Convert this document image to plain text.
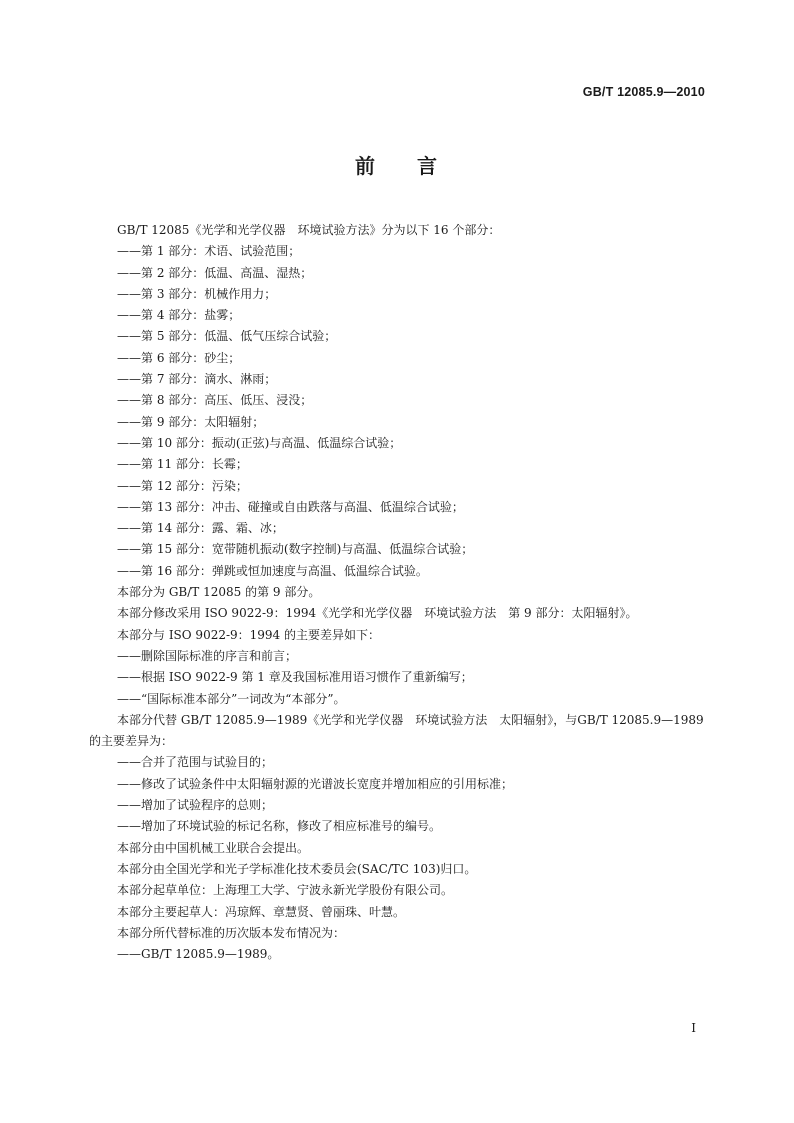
GB/T 12085.9—2010
前 言
GB/T 12085《光学和光学仪器　环境试验方法》分为以下 16 个部分：
——第 1 部分：术语、试验范围；
——第 2 部分：低温、高温、湿热；
——第 3 部分：机械作用力；
——第 4 部分：盐雾；
——第 5 部分：低温、低气压综合试验；
——第 6 部分：砂尘；
——第 7 部分：滴水、淋雨；
——第 8 部分：高压、低压、浸没；
——第 9 部分：太阳辐射；
——第 10 部分：振动(正弦)与高温、低温综合试验；
——第 11 部分：长霉；
——第 12 部分：污染；
——第 13 部分：冲击、碰撞或自由跌落与高温、低温综合试验；
——第 14 部分：露、霜、冰；
——第 15 部分：宽带随机振动(数字控制)与高温、低温综合试验；
——第 16 部分：弹跳或恒加速度与高温、低温综合试验。
本部分为 GB/T 12085 的第 9 部分。
本部分修改采用 ISO 9022-9：1994《光学和光学仪器　环境试验方法　第 9 部分：太阳辐射》。
本部分与 ISO 9022-9：1994 的主要差异如下：
——删除国际标准的序言和前言；
——根据 ISO 9022-9 第 1 章及我国标准用语习惯作了重新编写；
——“国际标准本部分”一词改为“本部分”。
本部分代替 GB/T 12085.9—1989《光学和光学仪器　环境试验方法　太阳辐射》，与GB/T 12085.9—1989 的主要差异为：
——合并了范围与试验目的；
——修改了试验条件中太阳辐射源的光谱波长宽度并增加相应的引用标准；
——增加了试验程序的总则；
——增加了环境试验的标记名称，修改了相应标准号的编号。
本部分由中国机械工业联合会提出。
本部分由全国光学和光子学标准化技术委员会(SAC/TC 103)归口。
本部分起草单位：上海理工大学、宁波永新光学股份有限公司。
本部分主要起草人：冯琼辉、章慧贤、曾丽珠、叶慧。
本部分所代替标准的历次版本发布情况为：
——GB/T 12085.9—1989。
I
